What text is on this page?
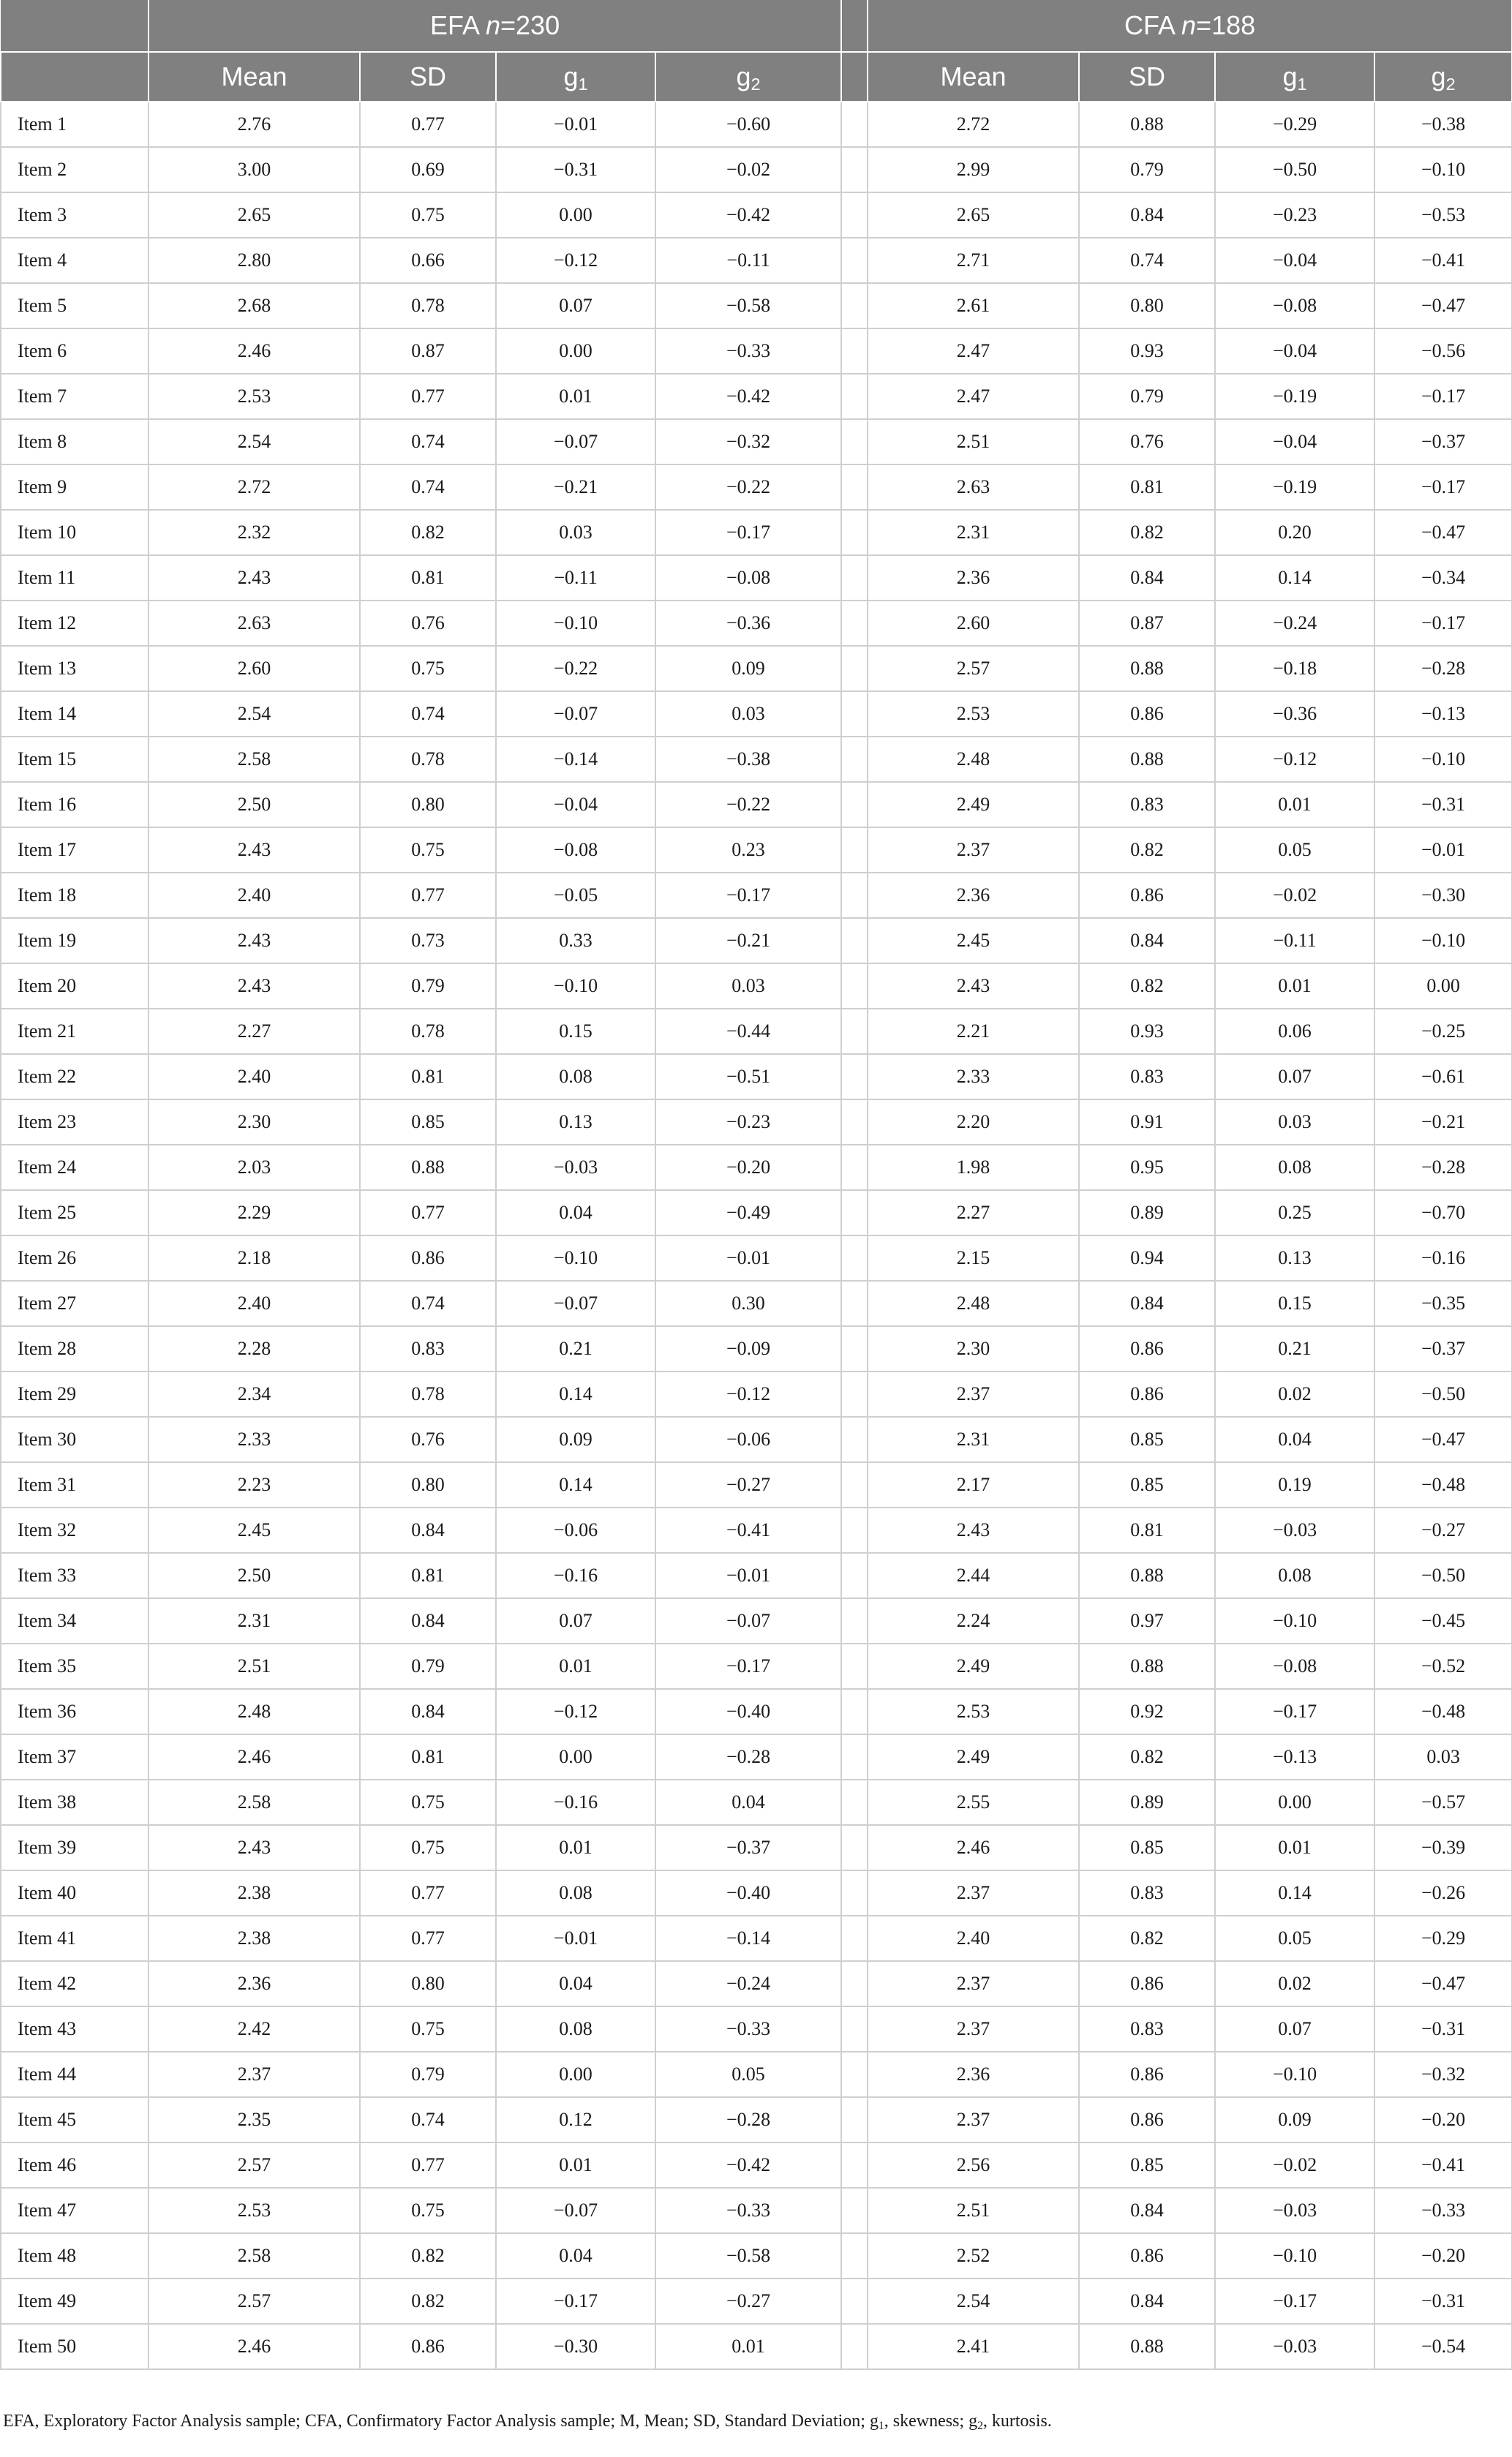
	EFA n=230					CFA n=188			
	Mean	SD	$g_1$	$g_2$		Mean	SD	$g_1$	$g_2$
Item 1	2.76	0.77	−0.01	−0.60		2.72	0.88	−0.29	−0.38
Item 2	3.00	0.69	−0.31	−0.02		2.99	0.79	−0.50	−0.10
Item 3	2.65	0.75	0.00	−0.42		2.65	0.84	−0.23	−0.53
Item 4	2.80	0.66	−0.12	−0.11		2.71	0.74	−0.04	−0.41
Item 5	2.68	0.78	0.07	−0.58		2.61	0.80	−0.08	−0.47
Item 6	2.46	0.87	0.00	−0.33		2.47	0.93	−0.04	−0.56
Item 7	2.53	0.77	0.01	−0.42		2.47	0.79	−0.19	−0.17
Item 8	2.54	0.74	−0.07	−0.32		2.51	0.76	−0.04	−0.37
Item 9	2.72	0.74	−0.21	−0.22		2.63	0.81	−0.19	−0.17
Item 10	2.32	0.82	0.03	−0.17		2.31	0.82	0.20	−0.47
Item 11	2.43	0.81	−0.11	−0.08		2.36	0.84	0.14	−0.34
Item 12	2.63	0.76	−0.10	−0.36		2.60	0.87	−0.24	−0.17
Item 13	2.60	0.75	−0.22	0.09		2.57	0.88	−0.18	−0.28
Item 14	2.54	0.74	−0.07	0.03		2.53	0.86	−0.36	−0.13
Item 15	2.58	0.78	−0.14	−0.38		2.48	0.88	−0.12	−0.10
Item 16	2.50	0.80	−0.04	−0.22		2.49	0.83	0.01	−0.31
Item 17	2.43	0.75	−0.08	0.23		2.37	0.82	0.05	−0.01
Item 18	2.40	0.77	−0.05	−0.17		2.36	0.86	−0.02	−0.30
Item 19	2.43	0.73	0.33	−0.21		2.45	0.84	−0.11	−0.10
Item 20	2.43	0.79	−0.10	0.03		2.43	0.82	0.01	0.00
Item 21	2.27	0.78	0.15	−0.44		2.21	0.93	0.06	−0.25
Item 22	2.40	0.81	0.08	−0.51		2.33	0.83	0.07	−0.61
Item 23	2.30	0.85	0.13	−0.23		2.20	0.91	0.03	−0.21
Item 24	2.03	0.88	−0.03	−0.20		1.98	0.95	0.08	−0.28
Item 25	2.29	0.77	0.04	−0.49		2.27	0.89	0.25	−0.70
Item 26	2.18	0.86	−0.10	−0.01		2.15	0.94	0.13	−0.16
Item 27	2.40	0.74	−0.07	0.30		2.48	0.84	0.15	−0.35
Item 28	2.28	0.83	0.21	−0.09		2.30	0.86	0.21	−0.37
Item 29	2.34	0.78	0.14	−0.12		2.37	0.86	0.02	−0.50
Item 30	2.33	0.76	0.09	−0.06		2.31	0.85	0.04	−0.47
Item 31	2.23	0.80	0.14	−0.27		2.17	0.85	0.19	−0.48
Item 32	2.45	0.84	−0.06	−0.41		2.43	0.81	−0.03	−0.27
Item 33	2.50	0.81	−0.16	−0.01		2.44	0.88	0.08	−0.50
Item 34	2.31	0.84	0.07	−0.07		2.24	0.97	−0.10	−0.45
Item 35	2.51	0.79	0.01	−0.17		2.49	0.88	−0.08	−0.52
Item 36	2.48	0.84	−0.12	−0.40		2.53	0.92	−0.17	−0.48
Item 37	2.46	0.81	0.00	−0.28		2.49	0.82	−0.13	0.03
Item 38	2.58	0.75	−0.16	0.04		2.55	0.89	0.00	−0.57
Item 39	2.43	0.75	0.01	−0.37		2.46	0.85	0.01	−0.39
Item 40	2.38	0.77	0.08	−0.40		2.37	0.83	0.14	−0.26
Item 41	2.38	0.77	−0.01	−0.14		2.40	0.82	0.05	−0.29
Item 42	2.36	0.80	0.04	−0.24		2.37	0.86	0.02	−0.47
Item 43	2.42	0.75	0.08	−0.33		2.37	0.83	0.07	−0.31
Item 44	2.37	0.79	0.00	0.05		2.36	0.86	−0.10	−0.32
Item 45	2.35	0.74	0.12	−0.28		2.37	0.86	0.09	−0.20
Item 46	2.57	0.77	0.01	−0.42		2.56	0.85	−0.02	−0.41
Item 47	2.53	0.75	−0.07	−0.33		2.51	0.84	−0.03	−0.33
Item 48	2.58	0.82	0.04	−0.58		2.52	0.86	−0.10	−0.20
Item 49	2.57	0.82	−0.17	−0.27		2.54	0.84	−0.17	−0.31
Item 50	2.46	0.86	−0.30	0.01		2.41	0.88	−0.03	−0.54
EFA, Exploratory Factor Analysis sample; CFA, Confirmatory Factor Analysis sample; M, Mean; SD, Standard Deviation; $g_1$, skewness; $g_2$, kurtosis.
